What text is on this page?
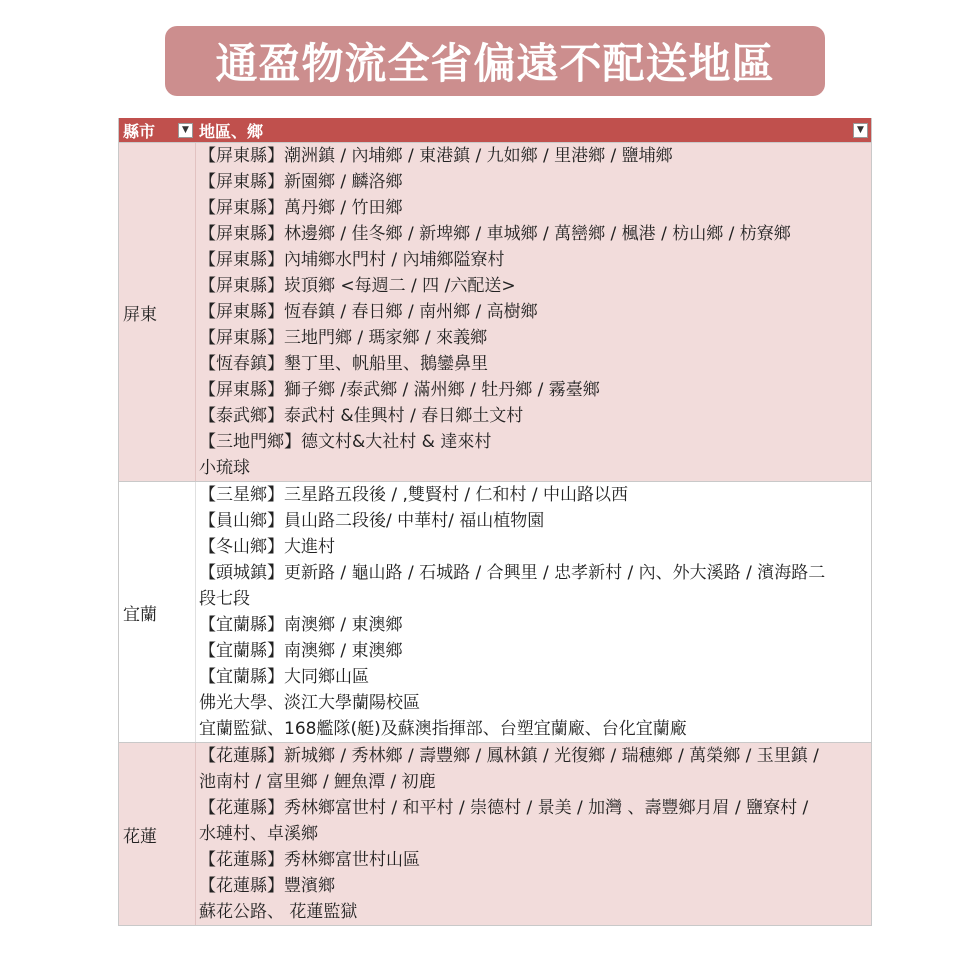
通盈物流全省偏遠不配送地區
縣市	▼ 地區、鄉	▼
屏東
【屏東縣】潮洲鎮 / 內埔鄉 / 東港鎮 / 九如鄉 / 里港鄉 / 鹽埔鄉
【屏東縣】新園鄉 / 麟洛鄉
【屏東縣】萬丹鄉 / 竹田鄉
【屏東縣】林邊鄉 / 佳冬鄉 / 新埤鄉 / 車城鄉 / 萬巒鄉 / 楓港 / 枋山鄉 / 枋寮鄉
【屏東縣】內埔鄉水門村 / 內埔鄉隘寮村
【屏東縣】崁頂鄉 <每週二 / 四 /六配送>
【屏東縣】恆春鎮 / 春日鄉 / 南州鄉 / 高樹鄉
【屏東縣】三地門鄉 / 瑪家鄉 / 來義鄉
【恆春鎮】墾丁里、帆船里、鵝鑾鼻里
【屏東縣】獅子鄉 /泰武鄉 / 滿州鄉 / 牡丹鄉 / 霧臺鄉
【泰武鄉】泰武村 &佳興村 / 春日鄉土文村
【三地門鄉】德文村&大社村 & 達來村
小琉球
宜蘭
【三星鄉】三星路五段後 / ,雙賢村 / 仁和村 / 中山路以西
【員山鄉】員山路二段後/ 中華村/ 福山植物園
【冬山鄉】大進村
【頭城鎮】更新路 / 龜山路 / 石城路 / 合興里 / 忠孝新村 / 內、外大溪路 / 濱海路二
段七段
【宜蘭縣】南澳鄉 / 東澳鄉
【宜蘭縣】南澳鄉 / 東澳鄉
【宜蘭縣】大同鄉山區
佛光大學、淡江大學蘭陽校區
宜蘭監獄、168艦隊(艇)及蘇澳指揮部、台塑宜蘭廠、台化宜蘭廠
花蓮
【花蓮縣】新城鄉 / 秀林鄉 / 壽豐鄉 / 鳳林鎮 / 光復鄉 / 瑞穗鄉 / 萬榮鄉 / 玉里鎮 /
池南村 / 富里鄉 / 鯉魚潭 / 初鹿
【花蓮縣】秀林鄉富世村 / 和平村 / 崇德村 / 景美 / 加灣 、壽豐鄉月眉 / 鹽寮村 /
水璉村、卓溪鄉
【花蓮縣】秀林鄉富世村山區
【花蓮縣】豐濱鄉
蘇花公路、 花蓮監獄
